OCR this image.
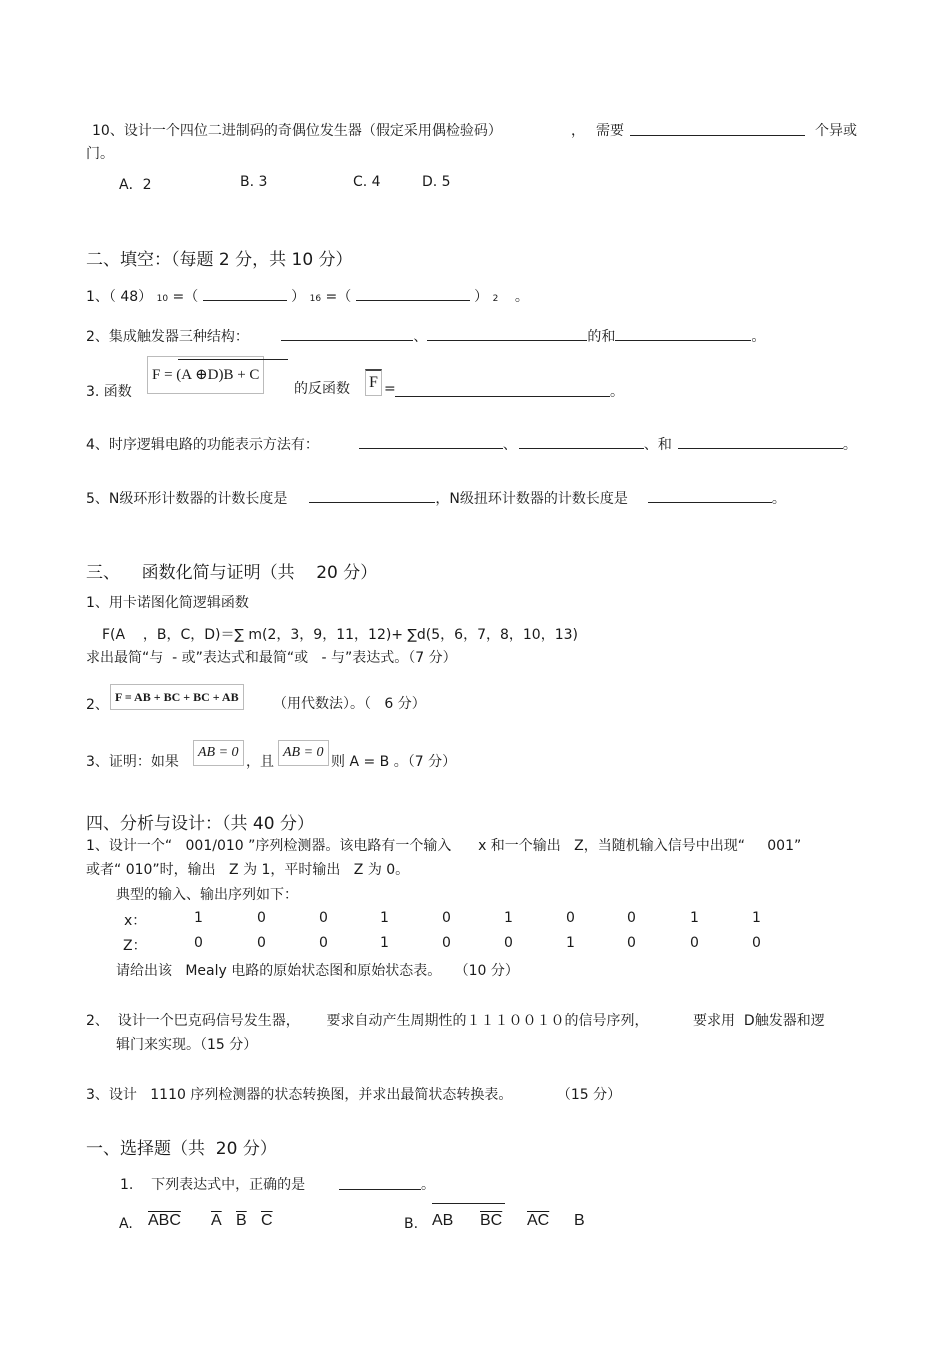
10、设计一个四位二进制码的奇偶位发生器（假定采用偶检验码）	， 需要	个异或
门。
A．2	B. 3	C. 4	D. 5
二、填空：（每题 2 分，共 10 分）
1、（ 48） 10 =（	） 16 =（	） 2 。
2、集成触发器三种结构：	、	的和	。
3. 函数
F = (A ⊕D)B + C
的反函数 F =	。
4、时序逻辑电路的功能表示方法有：	、	、和	。
5、N级环形计数器的计数长度是	，N级扭环计数器的计数长度是	。
三、    函数化简与证明（共    20 分）
1、用卡诺图化简逻辑函数
F(A    ，B，C，D)＝∑ m(2，3，9，11，12)+ ∑d(5，6，7，8，10，13)
求出最简“与  - 或”表达式和最简“或   - 与”表达式。（7 分）
2、 F = AB + BC + BC + AB	（用代数法）。（   6 分）
3、证明：如果
AB = 0
，且
AB = 0
则 A = B 。（7 分）
四、分析与设计：（共 40 分）
1、设计一个“   001/010 ”序列检测器。该电路有一个输入      x 和一个输出   Z，当随机输入信号中出现“     001”
或者“ 010”时，输出   Z 为 1，平时输出   Z 为 0。
典型的输入、输出序列如下：
x：	1	0	0	1	0	1	0	0	1	1
Z：	0	0	0	1	0	0	1	0	0	0
请给出该   Mealy 电路的原始状态图和原始状态表。   （10 分）
2、  设计一个巴克码信号发生器，      要求自动产生周期性的１１１００１０的信号序列，          要求用  D触发器和逻
辑门来实现。（15 分）
3、设计   1110 序列检测器的状态转换图，并求出最简状态转换表。          （15 分）
一、选择题（共  20 分）
1.    下列表达式中，正确的是	。
A. $\overline{ABC}$ $\overline{A}$ $\overline{B}$ $\overline{C}$	B. AB $\overline{BC}$ $\overline{AC}$ B
